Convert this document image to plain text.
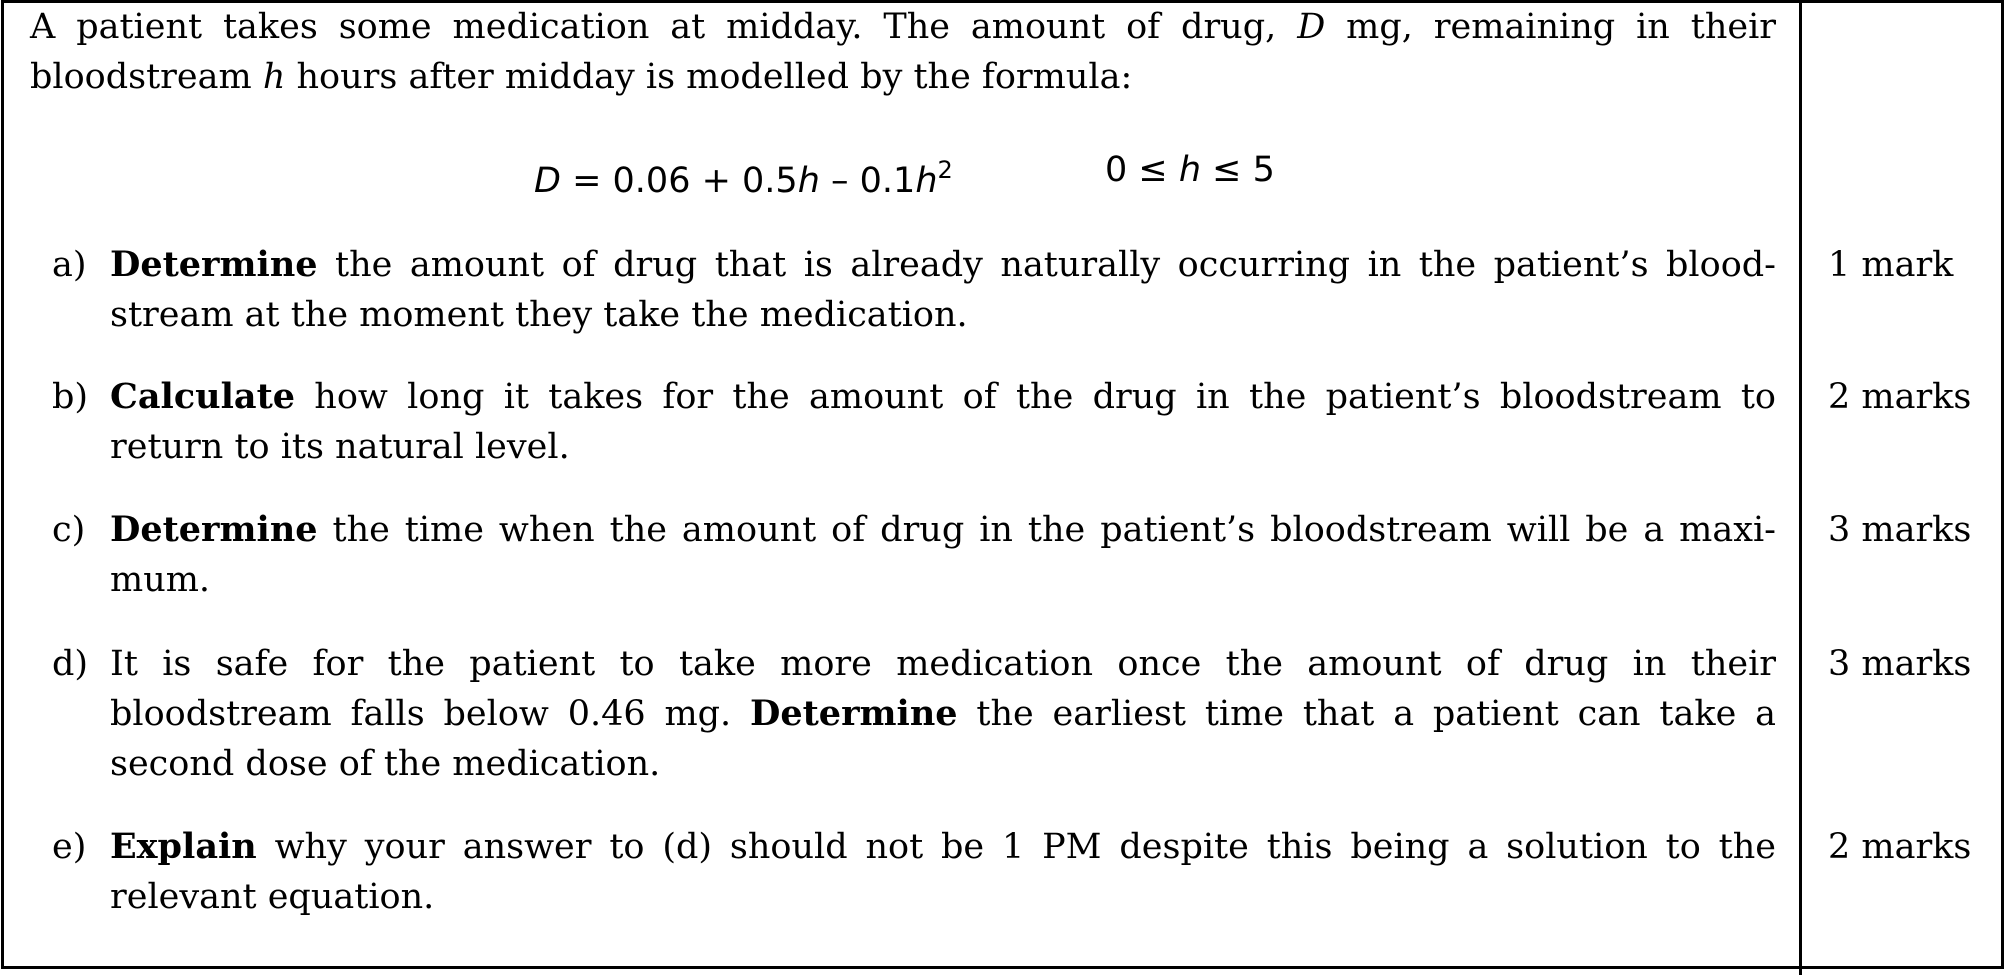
A patient takes some medication at midday. The amount of drug, D mg, remaining in their bloodstream h hours after midday is modelled by the formula:
$D = 0.06 + 0.5h - 0.1h^2$	0 ≤ h ≤ 5
a) Determine the amount of drug that is already naturally occurring in the patient’s blood-stream at the moment they take the medication.
1 mark
b) Calculate how long it takes for the amount of the drug in the patient’s bloodstream to return to its natural level.
2 marks
c) Determine the time when the amount of drug in the patient’s bloodstream will be a maxi-mum.
3 marks
d) It is safe for the patient to take more medication once the amount of drug in their bloodstream falls below 0.46 mg. Determine the earliest time that a patient can take a second dose of the medication.
3 marks
e) Explain why your answer to (d) should not be 1 PM despite this being a solution to the relevant equation.
2 marks
